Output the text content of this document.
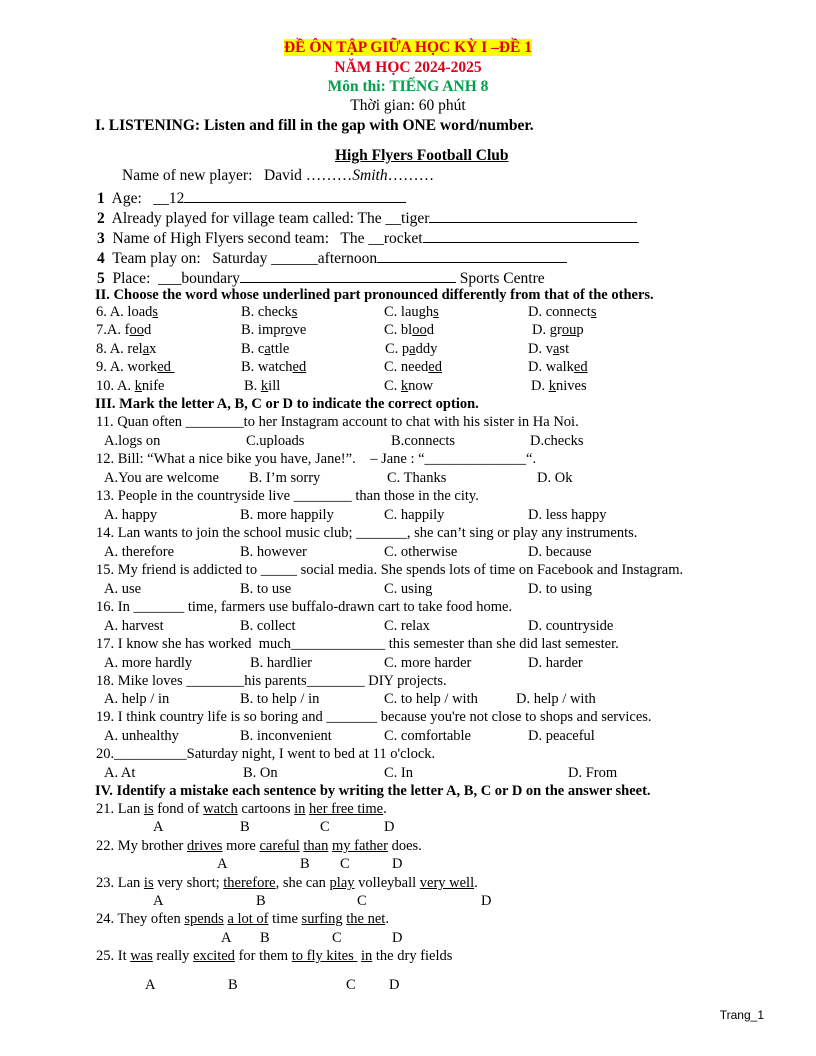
ĐỀ ÔN TẬP GIỮA HỌC KỲ I –ĐỀ 1
NĂM HỌC 2024-2025
Môn thi: TIẾNG ANH 8
Thời gian: 60 phút
I. LISTENING: Listen and fill in the gap with ONE word/number.
High Flyers Football Club
Name of new player:   David ………Smith………
1 Age:   __12
2 Already played for village team called: The __tiger
3 Name of High Flyers second team:   The __rocket
4 Team play on:   Saturday ______afternoon
5 Place:  ___boundary	Sports Centre
II. Choose the word whose underlined part pronounced differently from that of the others.
6. A. loads	B. checks	C. laughs	D. connects
7.A. food	B. improve	C. blood	D. group
8. A. relax	B. cattle	C. paddy	D. vast
9. A. worked	B. watched	C. needed	D. walked
10. A. knife	B. kill	C. know	D. knives
III. Mark the letter A, B, C or D to indicate the correct option.
11. Quan often ________to her Instagram account to chat with his sister in Ha Noi.
A.logs on	C.uploads	B.connects	D.checks
12. Bill: “What a nice bike you have, Jane!”.    – Jane : “______________“.
A.You are welcome B. I’m sorry	C. Thanks	D. Ok
13. People in the countryside live ________ than those in the city.
A. happy	B. more happily	C. happily	D. less happy
14. Lan wants to join the school music club; _______, she can’t sing or play any instruments.
A. therefore	B. however	C. otherwise	D. because
15. My friend is addicted to _____ social media. She spends lots of time on Facebook and Instagram.
A. use	B. to use	C. using	D. to using
16. In _______ time, farmers use buffalo-drawn cart to take food home.
A. harvest	B. collect	C. relax	D. countryside
17. I know she has worked  much_____________ this semester than she did last semester.
A. more hardly	B. hardlier	C. more harder	D. harder
18. Mike loves ________his parents________ DIY projects.
A. help / in	B. to help / in	C. to help / with	D. help / with
19. I think country life is so boring and _______ because you're not close to shops and services.
A. unhealthy	B. inconvenient	C. comfortable	D. peaceful
20.__________Saturday night, I went to bed at 11 o'clock.
A. At	B. On	C. In	D. From
IV. Identify a mistake each sentence by writing the letter A, B, C or D on the answer sheet.
21. Lan is fond of watch cartoons in her free time.
A	B	C	D
22. My brother drives more careful than my father does.
A	B C	D
23. Lan is very short; therefore, she can play volleyball very well.
A	B	C	D
24. They often spends a lot of time surfing the net.
A B	C	D
25. It was really excited for them to fly kites  in the dry fields
A	B	C D
Trang_1
